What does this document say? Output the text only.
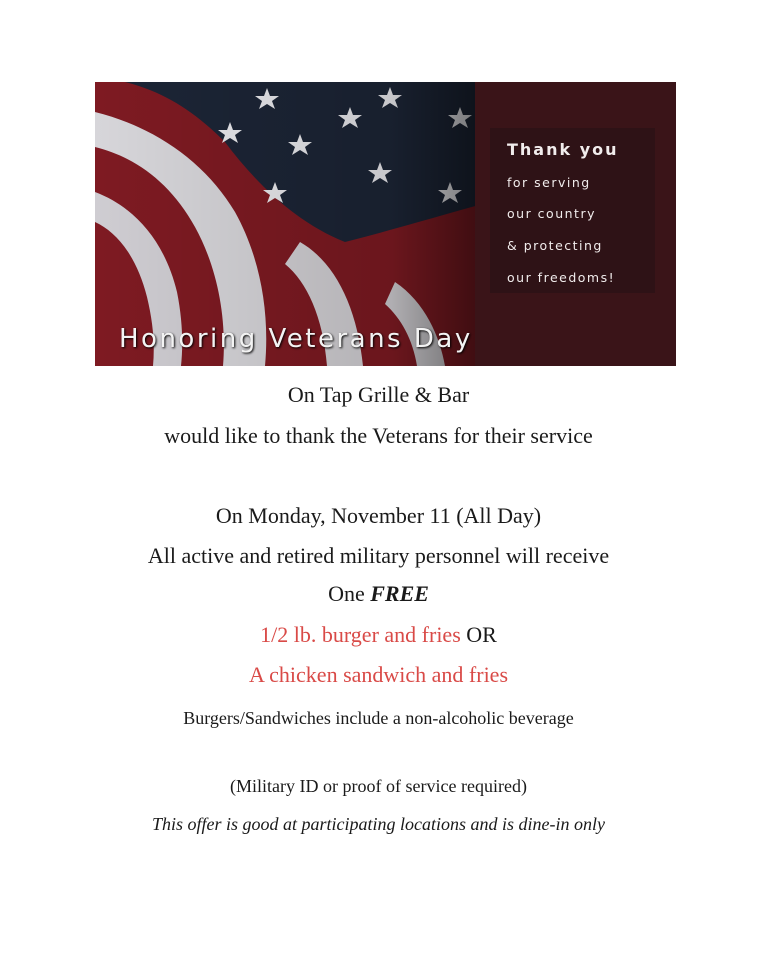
Thank you
for serving
our country
& protecting
our freedoms!
Honoring Veterans Day
On Tap Grille & Bar
would like to thank the Veterans for their service
On Monday, November 11 (All Day)
All active and retired military personnel will receive
One FREE
1/2 lb. burger and fries OR
A chicken sandwich and fries
Burgers/Sandwiches include a non-alcoholic beverage
(Military ID or proof of service required)
This offer is good at participating locations and is dine-in only
